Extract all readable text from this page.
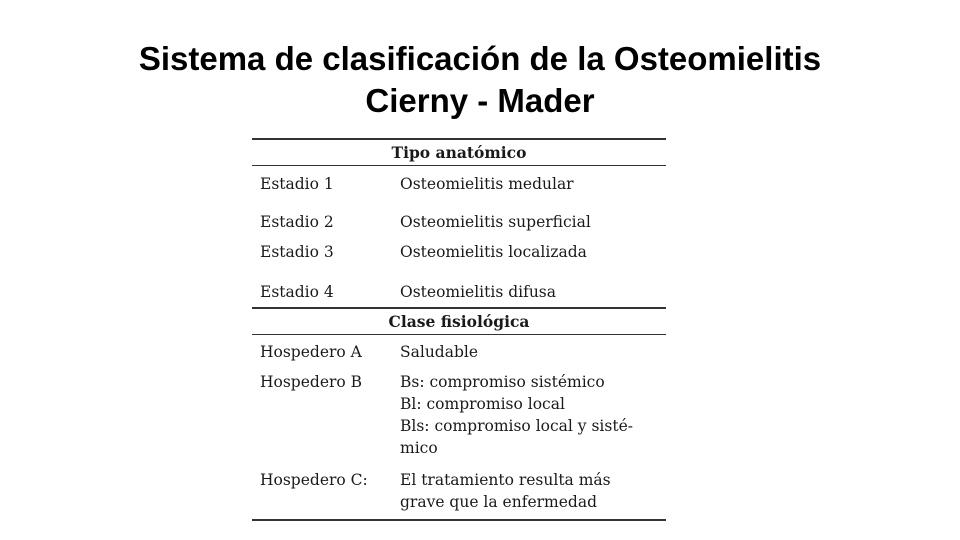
Sistema de clasificación de la Osteomielitis
Cierny - Mader
Tipo anatómico
Estadio 1	Osteomielitis medular
Estadio 2	Osteomielitis superficial
Estadio 3	Osteomielitis localizada
Estadio 4	Osteomielitis difusa
Clase fisiológica
Hospedero A	Saludable
Hospedero B	Bs: compromiso sistémico
Bl: compromiso local
Bls: compromiso local y sisté-
mico
Hospedero C:	El tratamiento resulta más
grave que la enfermedad
